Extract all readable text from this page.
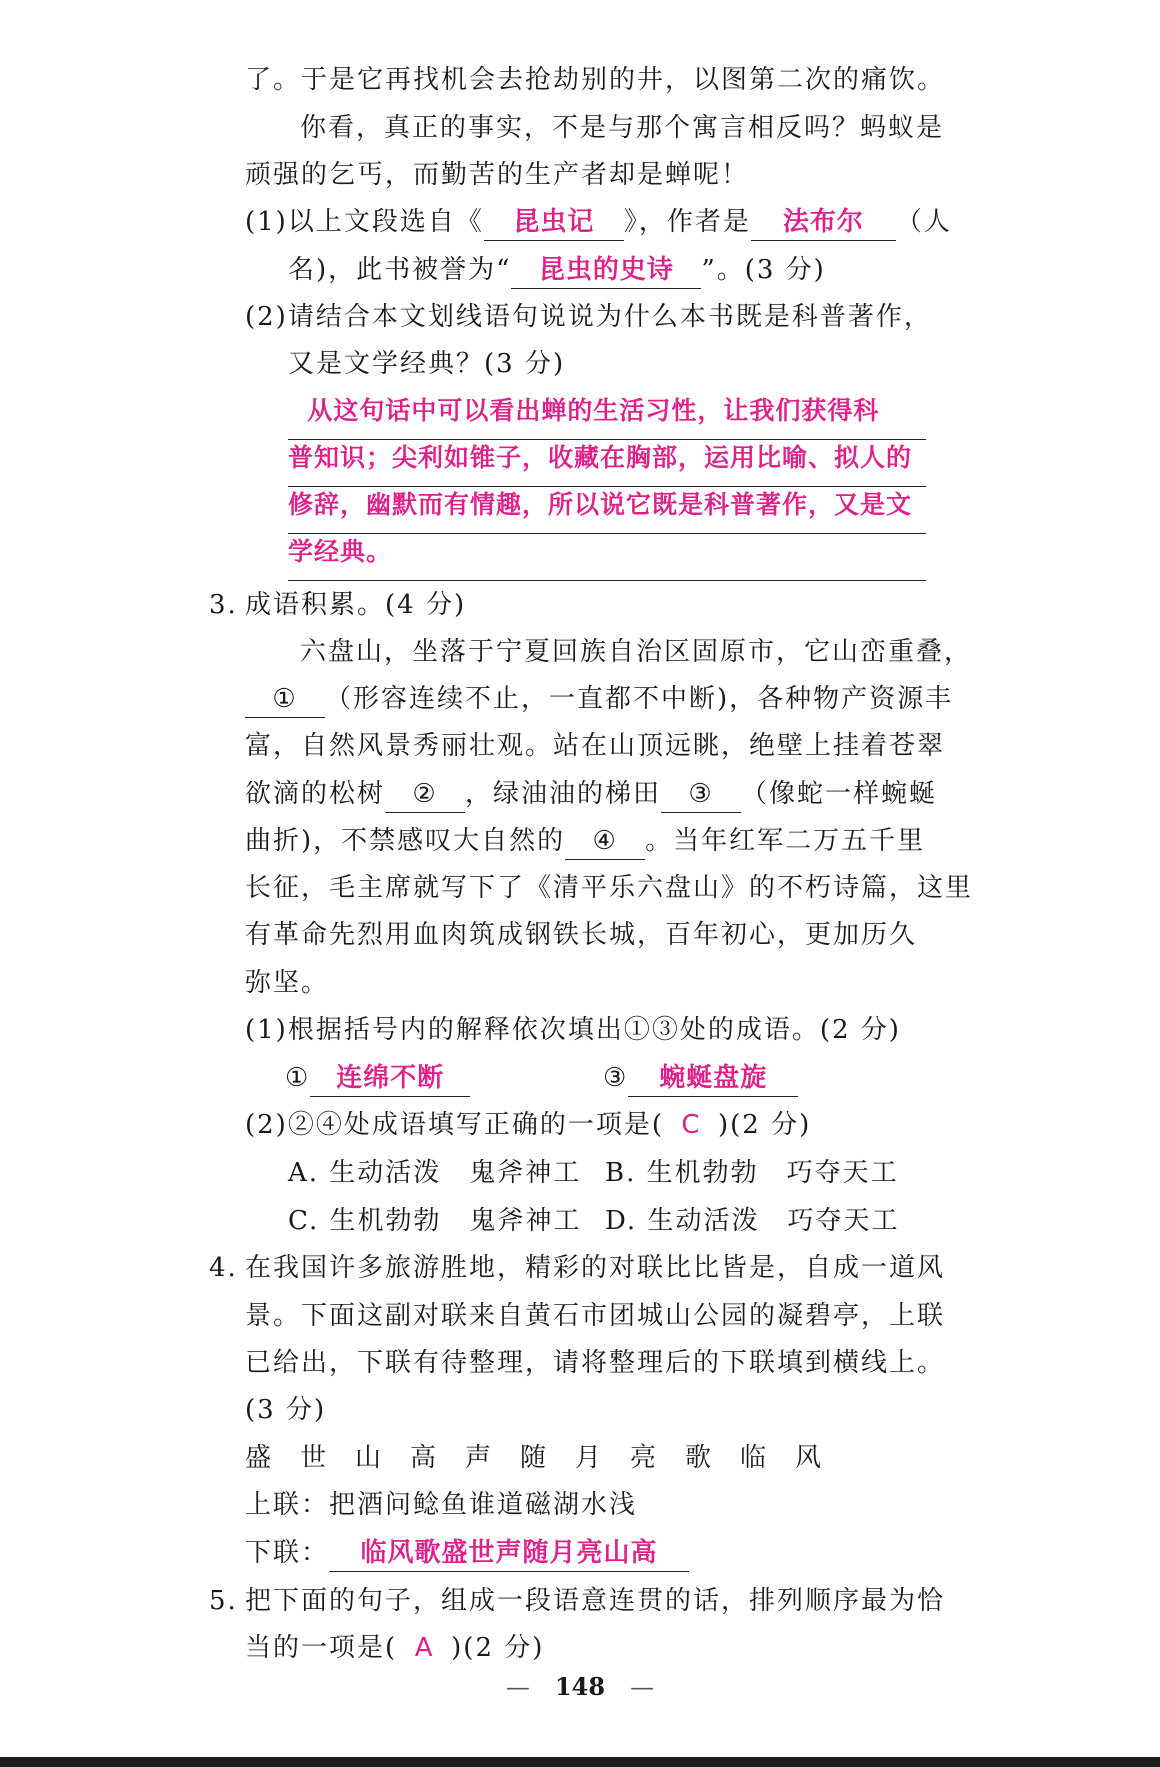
了。于是它再找机会去抢劫别的井，以图第二次的痛饮。
你看，真正的事实，不是与那个寓言相反吗？蚂蚁是
顽强的乞丐，而勤苦的生产者却是蝉呢！
(1)以上文段选自《 昆虫记 》，作者是 法布尔 （人
名)，此书被誉为“ 昆虫的史诗 ”。(3 分)
(2)请结合本文划线语句说说为什么本书既是科普著作，
又是文学经典？(3 分)
从这句话中可以看出蝉的生活习性，让我们获得科
普知识；尖利如锥子，收藏在胸部，运用比喻、拟人的
修辞，幽默而有情趣，所以说它既是科普著作，又是文
学经典。
3. 成语积累。(4 分)
六盘山，坐落于宁夏回族自治区固原市，它山峦重叠，
① （形容连续不止，一直都不中断)，各种物产资源丰
富，自然风景秀丽壮观。站在山顶远眺，绝壁上挂着苍翠
欲滴的松树 ② ，绿油油的梯田 ③ （像蛇一样蜿蜒
曲折)，不禁感叹大自然的 ④ 。当年红军二万五千里
长征，毛主席就写下了《清平乐六盘山》的不朽诗篇，这里
有革命先烈用血肉筑成钢铁长城，百年初心，更加历久
弥坚。
(1)根据括号内的解释依次填出①③处的成语。(2 分)
① 连绵不断	③ 蜿蜒盘旋
(2)②④处成语填写正确的一项是( C )(2 分)
A. 生动活泼　鬼斧神工 B. 生机勃勃　巧夺天工
C. 生机勃勃　鬼斧神工 D. 生动活泼　巧夺天工
4. 在我国许多旅游胜地，精彩的对联比比皆是，自成一道风
景。下面这副对联来自黄石市团城山公园的凝碧亭，上联
已给出，下联有待整理，请将整理后的下联填到横线上。
(3 分)
盛 世 山 高 声 随 月 亮 歌 临 风
上联：把酒问鲶鱼谁道磁湖水浅
下联： 临风歌盛世声随月亮山高
5. 把下面的句子，组成一段语意连贯的话，排列顺序最为恰
当的一项是( A )(2 分)
— 148 —
